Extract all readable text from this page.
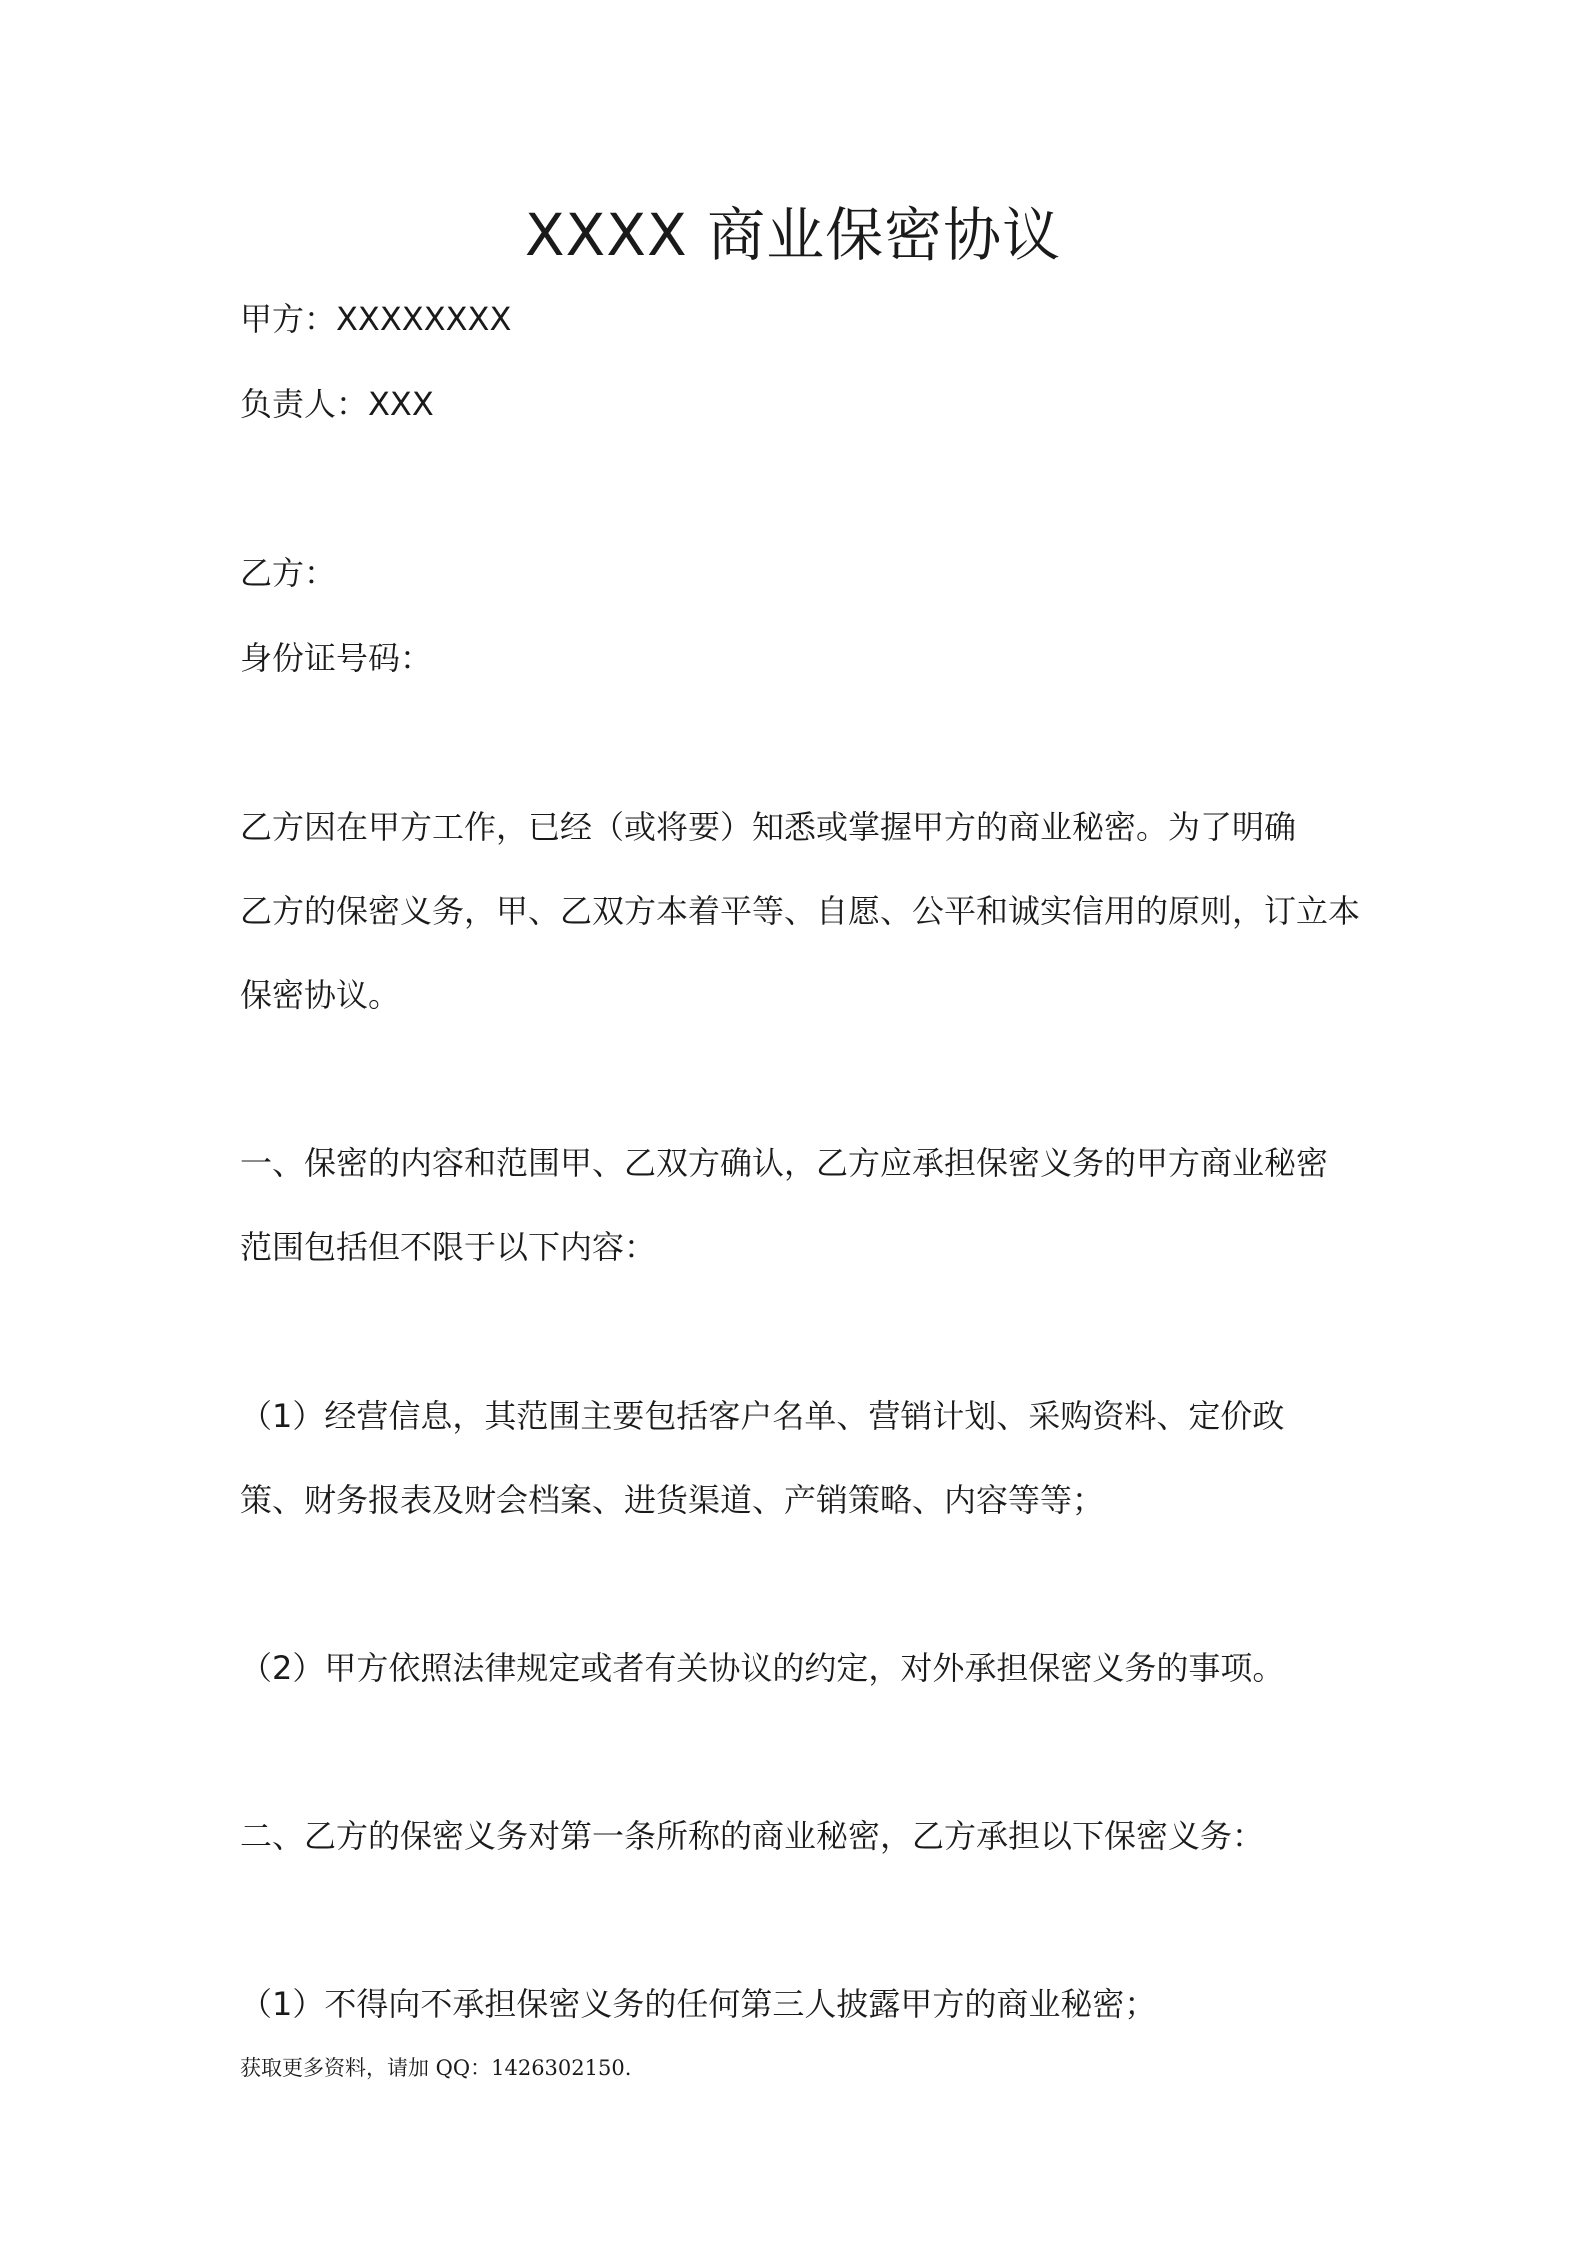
XXXX 商业保密协议
甲方：XXXXXXXX
负责人：XXX
乙方：
身份证号码：
乙方因在甲方工作，已经（或将要）知悉或掌握甲方的商业秘密。为了明确
乙方的保密义务，甲、乙双方本着平等、自愿、公平和诚实信用的原则，订立本
保密协议。
一、保密的内容和范围甲、乙双方确认，乙方应承担保密义务的甲方商业秘密
范围包括但不限于以下内容：
（1）经营信息，其范围主要包括客户名单、营销计划、采购资料、定价政
策、财务报表及财会档案、进货渠道、产销策略、内容等等；
（2）甲方依照法律规定或者有关协议的约定，对外承担保密义务的事项。
二、乙方的保密义务对第一条所称的商业秘密，乙方承担以下保密义务：
（1）不得向不承担保密义务的任何第三人披露甲方的商业秘密；
获取更多资料，请加 QQ：1426302150.
